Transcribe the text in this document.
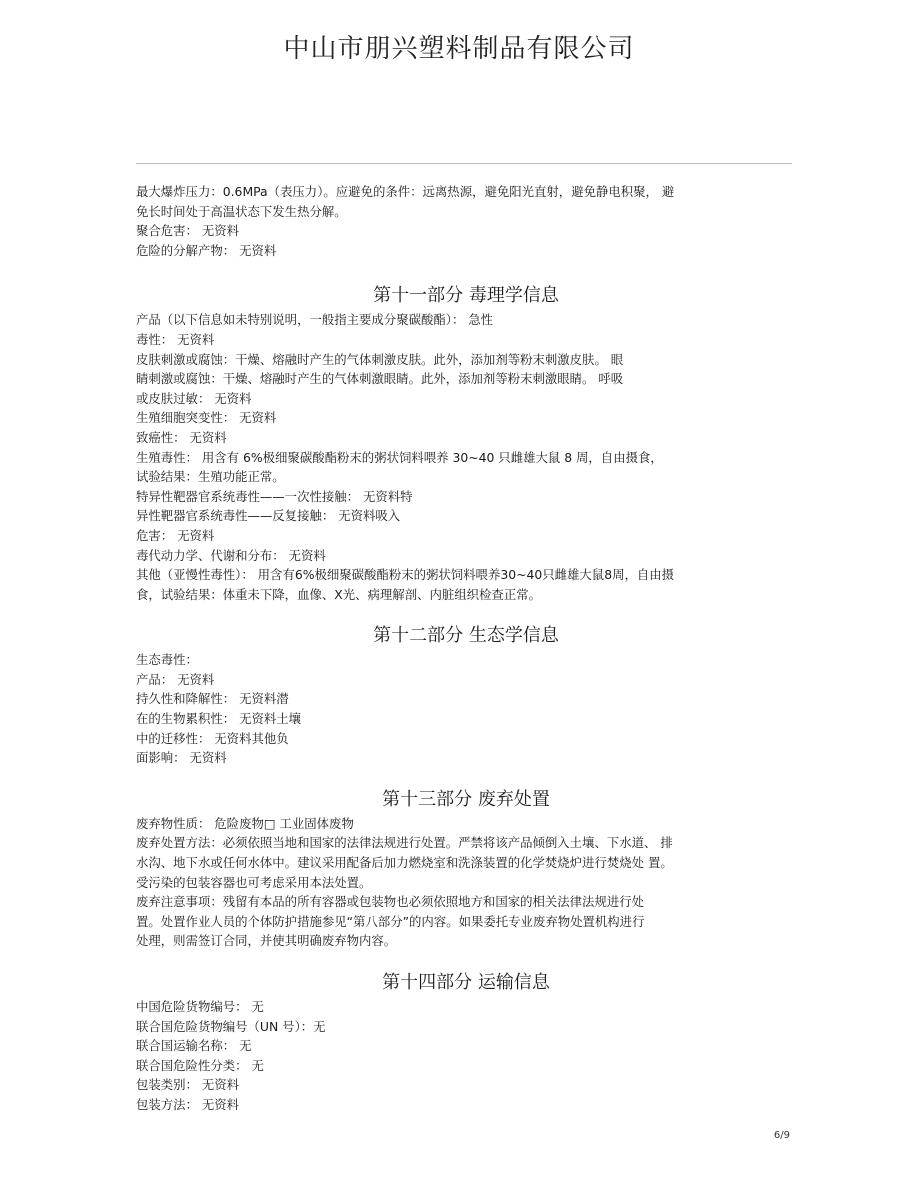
中山市朋兴塑料制品有限公司
最大爆炸压力：0.6MPa（表压力）。应避免的条件：远离热源，避免阳光直射，避免静电积聚， 避
免长时间处于高温状态下发生热分解。
聚合危害： 无资料
危险的分解产物： 无资料
第十一部分 毒理学信息
产品（以下信息如未特别说明，一般指主要成分聚碳酸酯）： 急性
毒性： 无资料
皮肤刺激或腐蚀：干燥、熔融时产生的气体刺激皮肤。此外，添加剂等粉末刺激皮肤。 眼
睛刺激或腐蚀：干燥、熔融时产生的气体刺激眼睛。此外，添加剂等粉末刺激眼睛。 呼吸
或皮肤过敏： 无资料
生殖细胞突变性： 无资料
致癌性： 无资料
生殖毒性： 用含有 6%极细聚碳酸酯粉末的粥状饲料喂养 30~40 只雌雄大鼠 8 周，自由摄食，
试验结果：生殖功能正常。
特异性靶器官系统毒性——一次性接触： 无资料特
异性靶器官系统毒性——反复接触： 无资料吸入
危害： 无资料
毒代动力学、代谢和分布： 无资料
其他（亚慢性毒性）： 用含有6%极细聚碳酸酯粉末的粥状饲料喂养30~40只雌雄大鼠8周，自由摄
食，试验结果：体重未下降，血像、X光、病理解剖、内脏组织检查正常。
第十二部分 生态学信息
生态毒性：
产品： 无资料
持久性和降解性： 无资料潜
在的生物累积性： 无资料土壤
中的迁移性： 无资料其他负
面影响： 无资料
第十三部分 废弃处置
废弃物性质： 危险废物□ 工业固体废物
废弃处置方法：必须依照当地和国家的法律法规进行处置。严禁将该产品倾倒入土壤、下水道、 排
水沟、地下水或任何水体中。建议采用配备后加力燃烧室和洗涤装置的化学焚烧炉进行焚烧处 置。
受污染的包装容器也可考虑采用本法处置。
废弃注意事项：残留有本品的所有容器或包装物也必须依照地方和国家的相关法律法规进行处
置。处置作业人员的个体防护措施参见“第八部分”的内容。如果委托专业废弃物处置机构进行
处理，则需签订合同，并使其明确废弃物内容。
第十四部分 运输信息
中国危险货物编号： 无
联合国危险货物编号（UN 号）：无
联合国运输名称： 无
联合国危险性分类： 无
包装类别： 无资料
包装方法： 无资料
6/9
